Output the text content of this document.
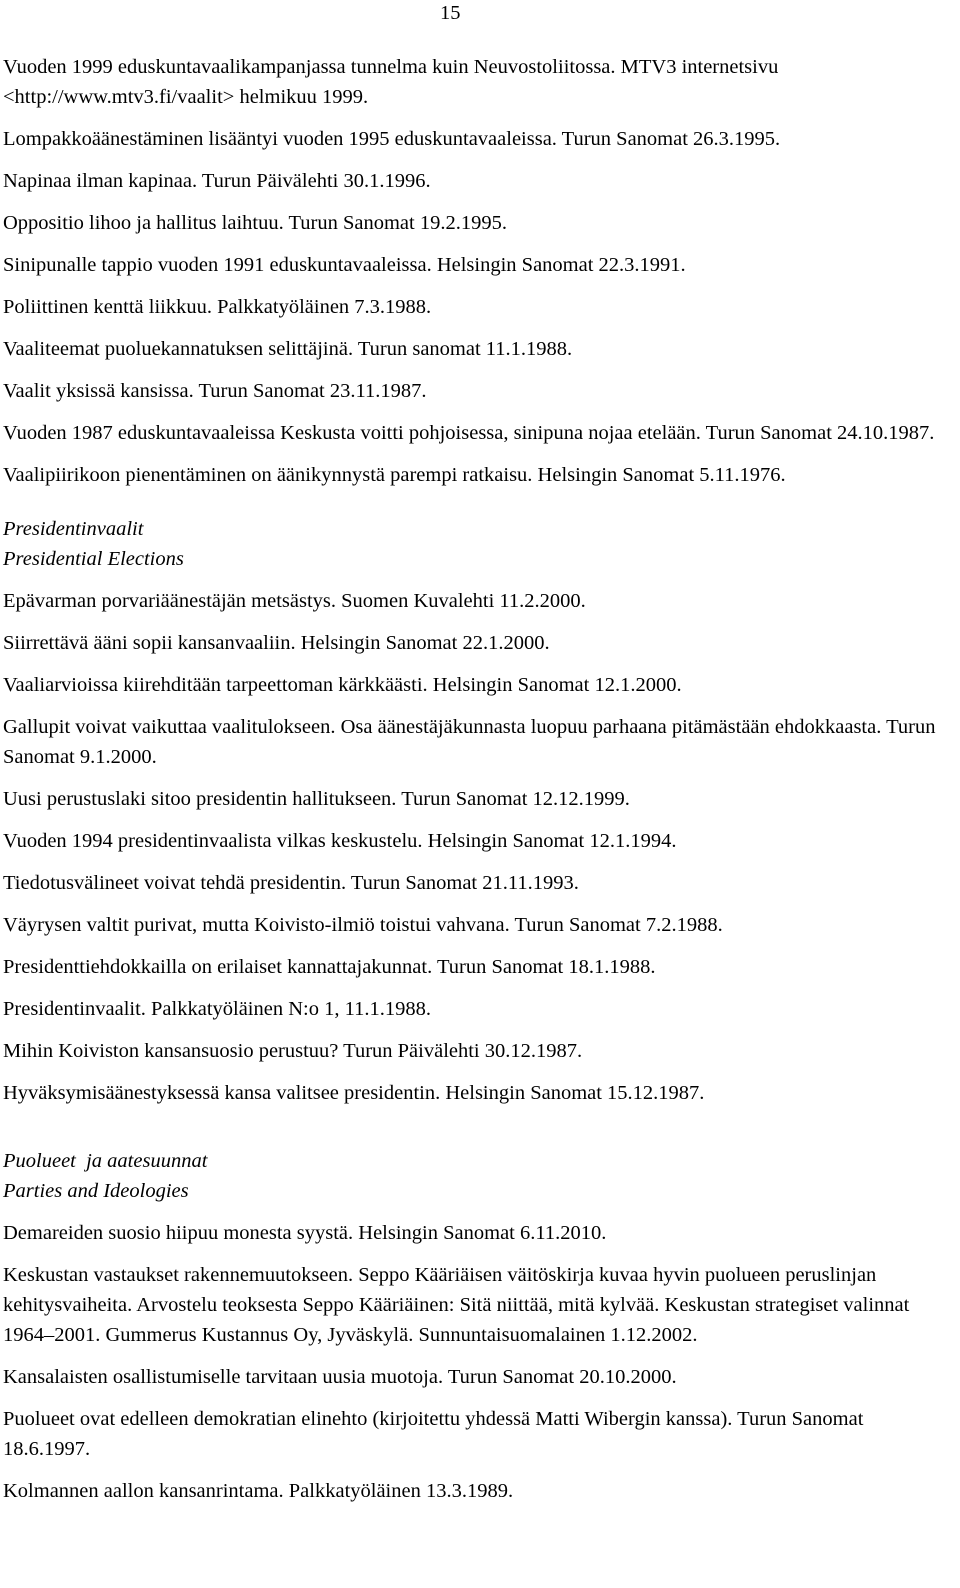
15

Vuoden 1999 eduskuntavaalikampanjassa tunnelma kuin Neuvostoliitossa. MTV3 internetsivu <http://www.mtv3.fi/vaalit> helmikuu 1999.

Lompakkoäänestäminen lisääntyi vuoden 1995 eduskuntavaaleissa. Turun Sanomat 26.3.1995.

Napinaa ilman kapinaa. Turun Päivälehti 30.1.1996.

Oppositio lihoo ja hallitus laihtuu. Turun Sanomat 19.2.1995.

Sinipunalle tappio vuoden 1991 eduskuntavaaleissa. Helsingin Sanomat 22.3.1991.

Poliittinen kenttä liikkuu. Palkkatyöläinen 7.3.1988.

Vaaliteemat puoluekannatuksen selittäjinä. Turun sanomat 11.1.1988.

Vaalit yksissä kansissa. Turun Sanomat 23.11.1987.

Vuoden 1987 eduskuntavaaleissa Keskusta voitti pohjoisessa, sinipuna nojaa etelään. Turun Sanomat 24.10.1987.

Vaalipiirikoon pienentäminen on äänikynnystä parempi ratkaisu. Helsingin Sanomat 5.11.1976.

Presidentinvaalit

Presidential Elections

Epävarman porvariäänestäjän metsästys. Suomen Kuvalehti 11.2.2000.

Siirrettävä ääni sopii kansanvaaliin. Helsingin Sanomat 22.1.2000.

Vaaliarvioissa kiirehditään tarpeettoman kärkkäästi. Helsingin Sanomat 12.1.2000.

Gallupit voivat vaikuttaa vaalitulokseen. Osa äänestäjäkunnasta luopuu parhaana pitämästään ehdokkaasta. Turun Sanomat 9.1.2000.

Uusi perustuslaki sitoo presidentin hallitukseen. Turun Sanomat 12.12.1999.

Vuoden 1994 presidentinvaalista vilkas keskustelu. Helsingin Sanomat 12.1.1994.

Tiedotusvälineet voivat tehdä presidentin. Turun Sanomat 21.11.1993.

Väyrysen valtit purivat, mutta Koivisto-ilmiö toistui vahvana. Turun Sanomat 7.2.1988.

Presidenttiehdokkailla on erilaiset kannattajakunnat. Turun Sanomat 18.1.1988.

Presidentinvaalit. Palkkatyöläinen N:o 1, 11.1.1988.

Mihin Koiviston kansansuosio perustuu? Turun Päivälehti 30.12.1987.

Hyväksymisäänestyksessä kansa valitsee presidentin. Helsingin Sanomat 15.12.1987.

Puolueet  ja aatesuunnat

Parties and Ideologies

Demareiden suosio hiipuu monesta syystä. Helsingin Sanomat 6.11.2010.

Keskustan vastaukset rakennemuutokseen. Seppo Kääriäisen väitöskirja kuvaa hyvin puolueen peruslinjan kehitysvaiheita. Arvostelu teoksesta Seppo Kääriäinen: Sitä niittää, mitä kylvää. Keskustan strategiset valinnat 1964–2001. Gummerus Kustannus Oy, Jyväskylä. Sunnuntaisuomalainen 1.12.2002.

Kansalaisten osallistumiselle tarvitaan uusia muotoja. Turun Sanomat 20.10.2000.

Puolueet ovat edelleen demokratian elinehto (kirjoitettu yhdessä Matti Wibergin kanssa). Turun Sanomat 18.6.1997.

Kolmannen aallon kansanrintama. Palkkatyöläinen 13.3.1989.
